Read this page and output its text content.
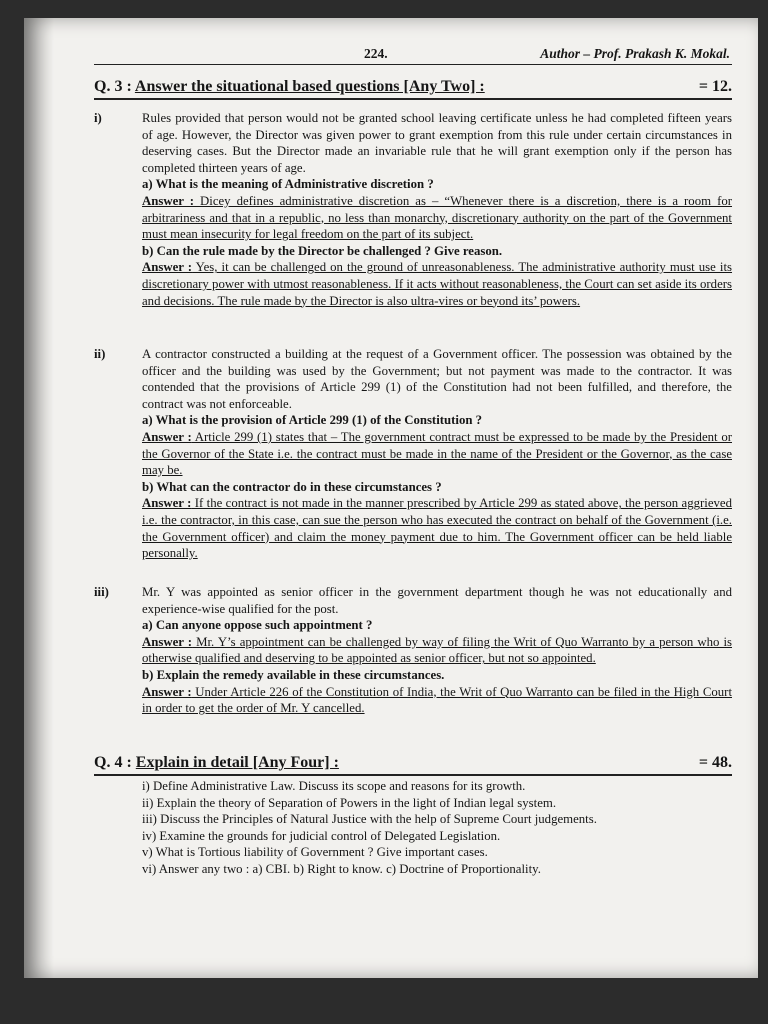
224.	Author – Prof. Prakash K. Mokal.
Q. 3 : Answer the situational based questions [Any Two] :	= 12.
i)	Rules provided that person would not be granted school leaving certificate unless he had completed fifteen years of age. However, the Director was given power to grant exemption from this rule under certain circumstances in deserving cases. But the Director made an invariable rule that he will grant exemption only if the person has completed thirteen years of age.
a) What is the meaning of Administrative discretion ?
Answer : Dicey defines administrative discretion as – “Whenever there is a discretion, there is a room for arbitrariness and that in a republic, no less than monarchy, discretionary authority on the part of the Government must mean insecurity for legal freedom on the part of its subject.
b) Can the rule made by the Director be challenged ? Give reason.
Answer : Yes, it can be challenged on the ground of unreasonableness. The administrative authority must use its discretionary power with utmost reasonableness. If it acts without reasonableness, the Court can set aside its orders and decisions. The rule made by the Director is also ultra-vires or beyond its’ powers.
ii)	A contractor constructed a building at the request of a Government officer. The possession was obtained by the officer and the building was used by the Government; but not payment was made to the contractor. It was contended that the provisions of Article 299 (1) of the Constitution had not been fulfilled, and therefore, the contract was not enforceable.
a) What is the provision of Article 299 (1) of the Constitution ?
Answer : Article 299 (1) states that – The government contract must be expressed to be made by the President or the Governor of the State i.e. the contract must be made in the name of the President or the Governor, as the case may be.
b) What can the contractor do in these circumstances ?
Answer : If the contract is not made in the manner prescribed by Article 299 as stated above, the person aggrieved i.e. the contractor, in this case, can sue the person who has executed the contract on behalf of the Government (i.e. the Government officer) and claim the money payment due to him. The Government officer can be held liable personally.
iii)	Mr. Y was appointed as senior officer in the government department though he was not educationally and experience-wise qualified for the post.
a) Can anyone oppose such appointment ?
Answer : Mr. Y’s appointment can be challenged by way of filing the Writ of Quo Warranto by a person who is otherwise qualified and deserving to be appointed as senior officer, but not so appointed.
b) Explain the remedy available in these circumstances.
Answer : Under Article 226 of the Constitution of India, the Writ of Quo Warranto can be filed in the High Court in order to get the order of Mr. Y cancelled.
Q. 4 : Explain in detail [Any Four] :	= 48.
i) Define Administrative Law. Discuss its scope and reasons for its growth.
ii) Explain the theory of Separation of Powers in the light of Indian legal system.
iii) Discuss the Principles of Natural Justice with the help of Supreme Court judgements.
iv) Examine the grounds for judicial control of Delegated Legislation.
v) What is Tortious liability of Government ? Give important cases.
vi) Answer any two : a) CBI. b) Right to know. c) Doctrine of Proportionality.
